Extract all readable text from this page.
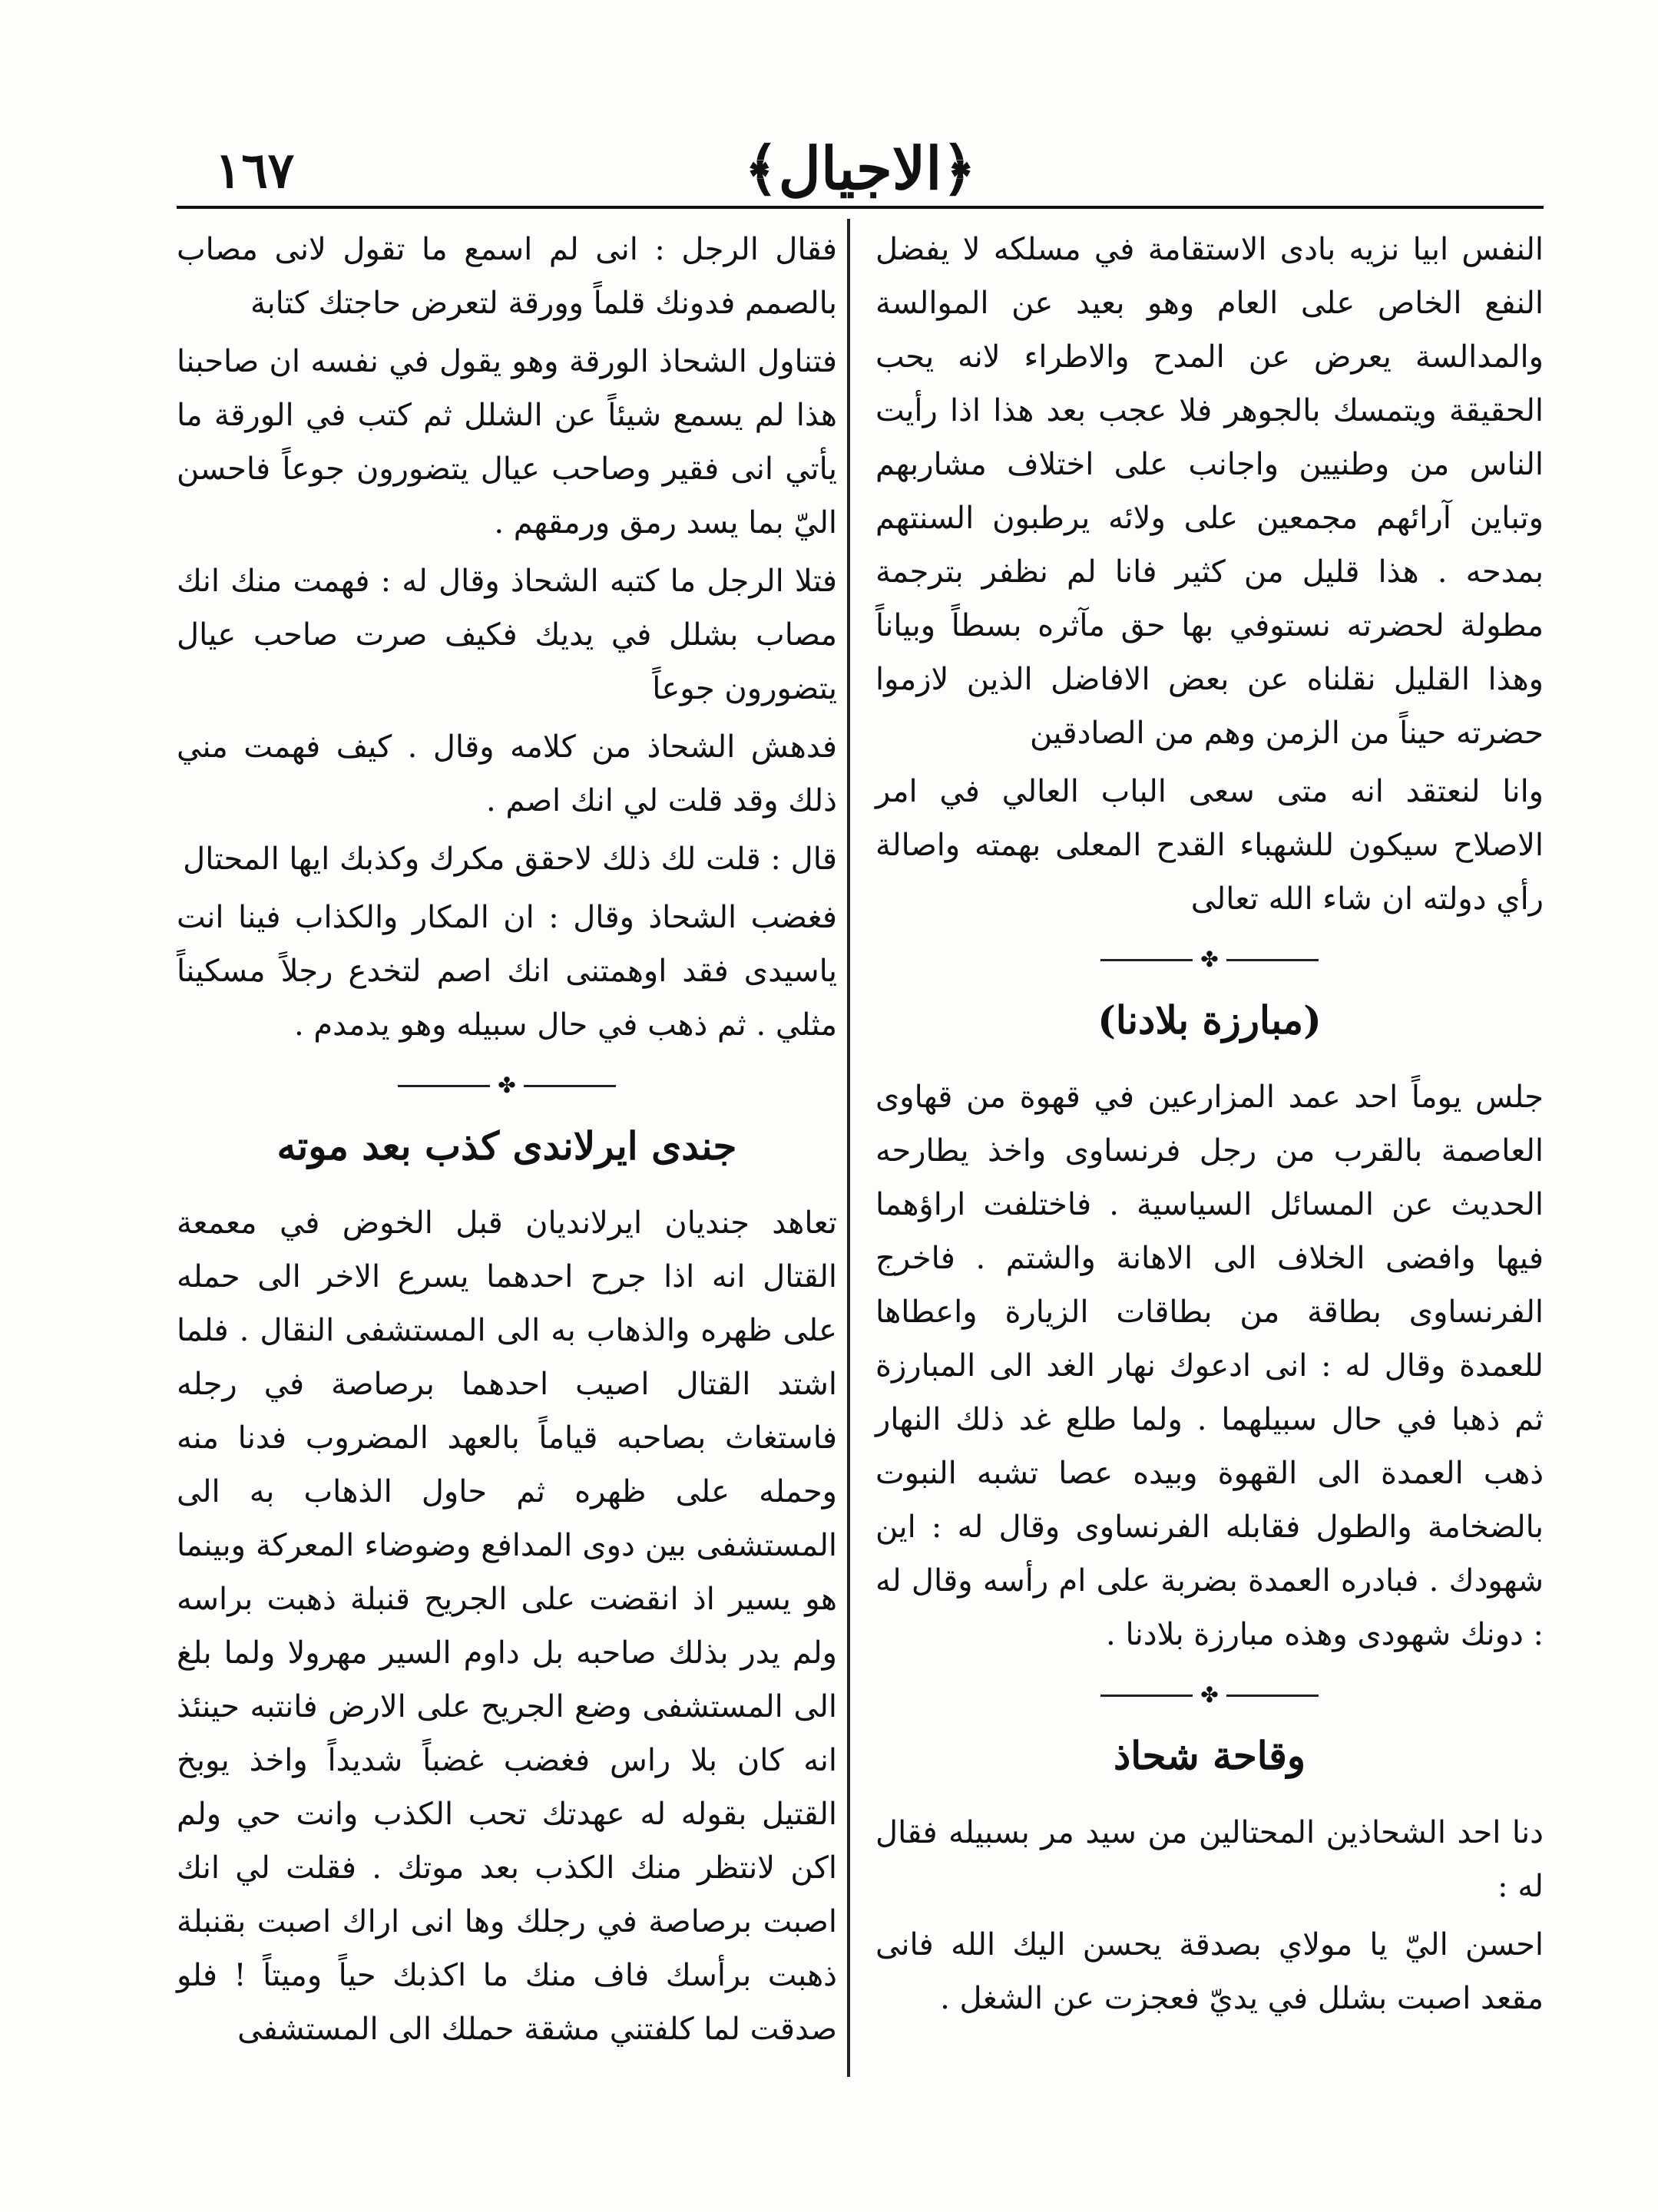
١٦٧	﴿الاجيال﴾

النفس ابيا نزيه بادى الاستقامة في مسلكه لا يفضل النفع الخاص على العام وهو بعيد عن الموالسة والمدالسة يعرض عن المدح والاطراء لانه يحب الحقيقة ويتمسك بالجوهر فلا عجب بعد هذا اذا رأيت الناس من وطنيين واجانب على اختلاف مشاربهم وتباين آرائهم مجمعين على ولائه يرطبون السنتهم بمدحه . هذا قليل من كثير فانا لم نظفر بترجمة مطولة لحضرته نستوفي بها حق مآثره بسطاً وبياناً وهذا القليل نقلناه عن بعض الافاضل الذين لازموا حضرته حيناً من الزمن وهم من الصادقين

وانا لنعتقد انه متى سعى الباب العالي في امر الاصلاح سيكون للشهباء القدح المعلى بهمته واصالة رأي دولته ان شاء الله تعالى

✤
(مبارزة بلادنا)

جلس يوماً احد عمد المزارعين في قهوة من قهاوى العاصمة بالقرب من رجل فرنساوى واخذ يطارحه الحديث عن المسائل السياسية . فاختلفت اراؤهما فيها وافضى الخلاف الى الاهانة والشتم . فاخرج الفرنساوى بطاقة من بطاقات الزيارة واعطاها للعمدة وقال له : انى ادعوك نهار الغد الى المبارزة ثم ذهبا في حال سبيلهما . ولما طلع غد ذلك النهار ذهب العمدة الى القهوة وبيده عصا تشبه النبوت بالضخامة والطول فقابله الفرنساوى وقال له : اين شهودك . فبادره العمدة بضربة على ام رأسه وقال له : دونك شهودى وهذه مبارزة بلادنا .

✤
وقاحة شحاذ

دنا احد الشحاذين المحتالين من سيد مر بسبيله فقال له :

احسن اليّ يا مولاي بصدقة يحسن اليك الله فانى مقعد اصبت بشلل في يديّ فعجزت عن الشغل .

فقال الرجل : انى لم اسمع ما تقول لانى مصاب بالصمم فدونك قلماً وورقة لتعرض حاجتك كتابة

فتناول الشحاذ الورقة وهو يقول في نفسه ان صاحبنا هذا لم يسمع شيئاً عن الشلل ثم كتب في الورقة ما يأتي انى فقير وصاحب عيال يتضورون جوعاً فاحسن اليّ بما يسد رمق ورمقهم .

فتلا الرجل ما كتبه الشحاذ وقال له : فهمت منك انك مصاب بشلل في يديك فكيف صرت صاحب عيال يتضورون جوعاً

فدهش الشحاذ من كلامه وقال . كيف فهمت مني ذلك وقد قلت لي انك اصم .

قال : قلت لك ذلك لاحقق مكرك وكذبك ايها المحتال

فغضب الشحاذ وقال : ان المكار والكذاب فينا انت ياسيدى فقد اوهمتنى انك اصم لتخدع رجلاً مسكيناً مثلي . ثم ذهب في حال سبيله وهو يدمدم .

✤
جندى ايرلاندى كذب بعد موته

تعاهد جنديان ايرلانديان قبل الخوض في معمعة القتال انه اذا جرح احدهما يسرع الاخر الى حمله على ظهره والذهاب به الى المستشفى النقال . فلما اشتد القتال اصيب احدهما برصاصة في رجله فاستغاث بصاحبه قياماً بالعهد المضروب فدنا منه وحمله على ظهره ثم حاول الذهاب به الى المستشفى بين دوى المدافع وضوضاء المعركة وبينما هو يسير اذ انقضت على الجريح قنبلة ذهبت براسه ولم يدر بذلك صاحبه بل داوم السير مهرولا ولما بلغ الى المستشفى وضع الجريح على الارض فانتبه حينئذ انه كان بلا راس فغضب غضباً شديداً واخذ يوبخ القتيل بقوله له عهدتك تحب الكذب وانت حي ولم اكن لانتظر منك الكذب بعد موتك . فقلت لي انك اصبت برصاصة في رجلك وها انى اراك اصبت بقنبلة ذهبت برأسك فاف منك ما اكذبك حياً وميتاً ! فلو صدقت لما كلفتني مشقة حملك الى المستشفى
